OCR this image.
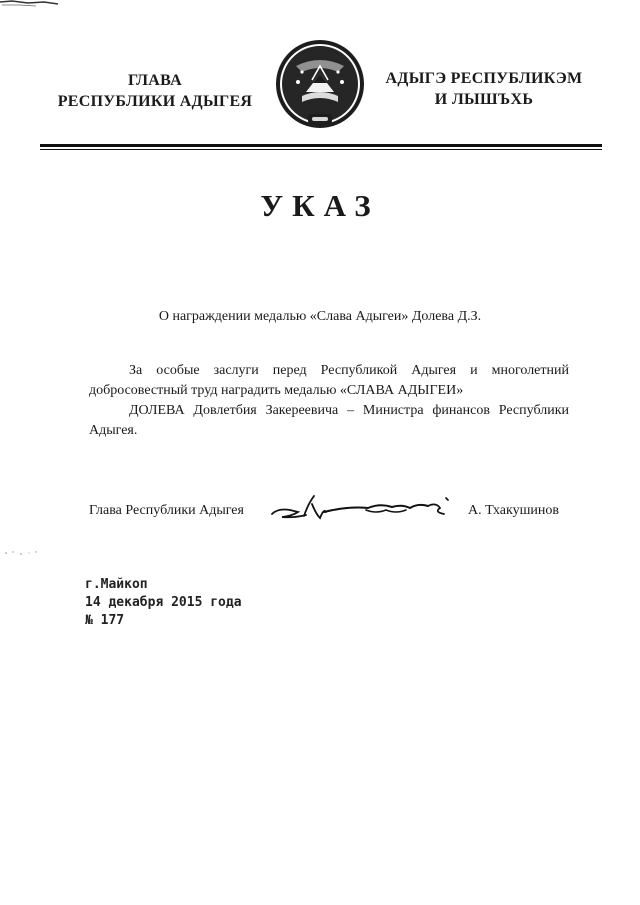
ГЛАВА
РЕСПУБЛИКИ АДЫГЕЯ
АДЫГЭ РЕСПУБЛИКЭМ
И ЛЫШЪХЬ
УКАЗ
О награждении медалью «Слава Адыгеи» Долева Д.З.

За особые заслуги перед Республикой Адыгея и многолетний добросовестный труд наградить медалью «СЛАВА АДЫГЕИ»

ДОЛЕВА Довлетбия Закереевича – Министра финансов Республики Адыгея.

Глава Республики Адыгея	А. Тхакушинов
г.Майкоп
14 декабря 2015 года
№ 177
